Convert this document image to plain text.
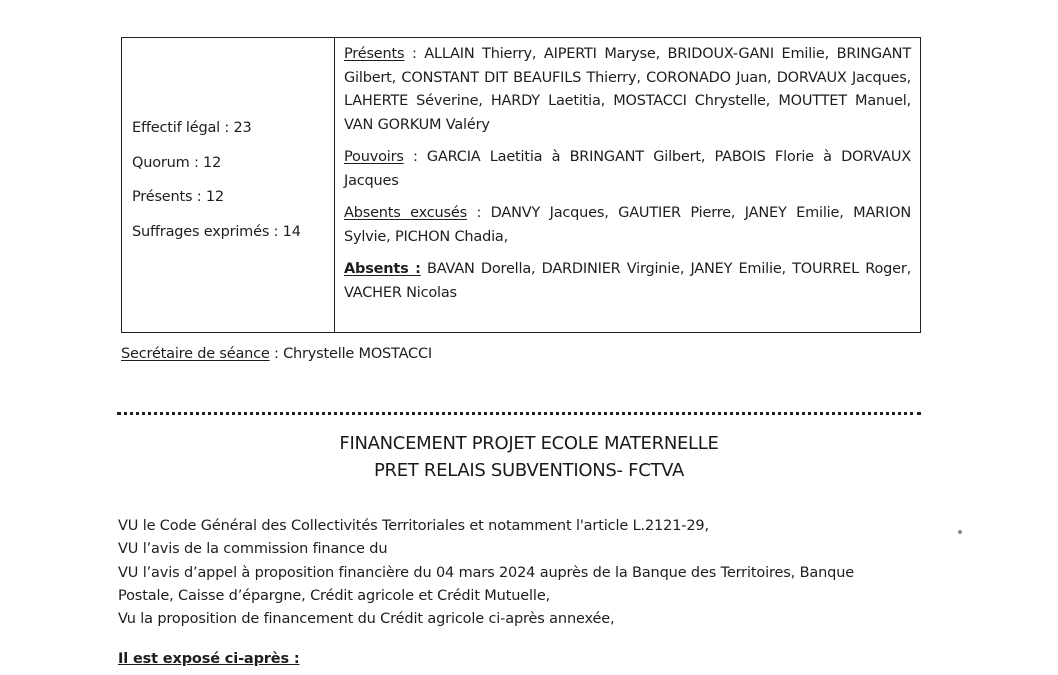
Effectif légal : 23
Quorum : 12
Présents : 12
Suffrages exprimés : 14
Présents : ALLAIN Thierry, AIPERTI Maryse, BRIDOUX-GANI Emilie, BRINGANT Gilbert, CONSTANT DIT BEAUFILS Thierry, CORONADO Juan, DORVAUX Jacques, LAHERTE Séverine, HARDY Laetitia, MOSTACCI Chrystelle, MOUTTET Manuel, VAN GORKUM Valéry
Pouvoirs : GARCIA Laetitia à BRINGANT Gilbert, PABOIS Florie à DORVAUX Jacques
Absents excusés : DANVY Jacques, GAUTIER Pierre, JANEY Emilie, MARION Sylvie, PICHON Chadia,
Absents : BAVAN Dorella, DARDINIER Virginie, JANEY Emilie, TOURREL Roger, VACHER Nicolas
Secrétaire de séance : Chrystelle MOSTACCI
FINANCEMENT PROJET ECOLE MATERNELLE
PRET RELAIS SUBVENTIONS- FCTVA
VU le Code Général des Collectivités Territoriales et notamment l'article L.2121-29,
VU l’avis de la commission finance du
VU l’avis d’appel à proposition financière du 04 mars 2024 auprès de la Banque des Territoires, Banque
Postale, Caisse d’épargne, Crédit agricole et Crédit Mutuelle,
Vu la proposition de financement du Crédit agricole ci-après annexée,
Il est exposé ci-après :
